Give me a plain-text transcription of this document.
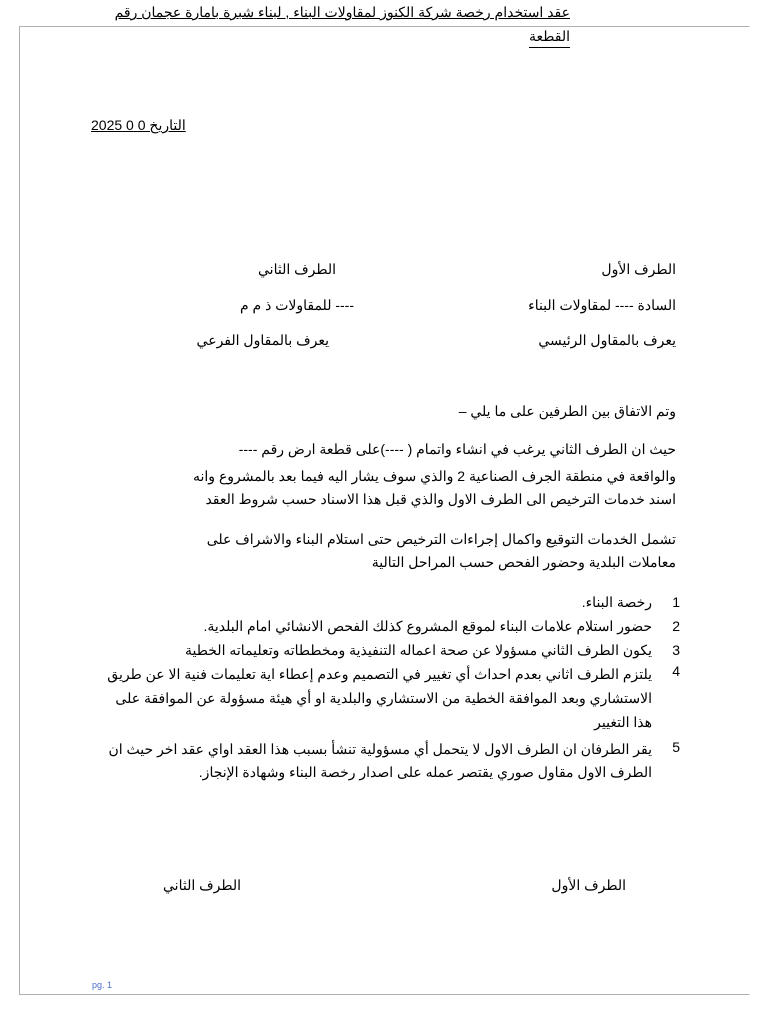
التاريخ 0 0 2025
عقد استخدام رخصة شركة الكنوز لمقاولات البناء , لبناء شبرة بامارة عجمان رقم
القطعة
الطرف الأول
الطرف الثاني
السادة ---- لمقاولات البناء
---- للمقاولات ذ م م
يعرف بالمقاول الرئيسي
يعرف بالمقاول الفرعي
وتم الاتفاق بين الطرفين على ما يلي –
حيث ان الطرف الثاني يرغب في انشاء واتمام ( ----)على قطعة ارض رقم ----
والواقعة في منطقة الجرف الصناعية 2 والذي سوف يشار اليه فيما بعد بالمشروع وانه
اسند خدمات الترخيص الى الطرف الاول والذي قبل هذا الاسناد حسب شروط العقد
تشمل الخدمات التوقيع واكمال إجراءات الترخيص حتى استلام البناء والاشراف على
معاملات البلدية وحضور الفحص حسب المراحل التالية
1
رخصة البناء.
2
حضور استلام علامات البناء لموقع المشروع كذلك الفحص الانشائي امام البلدية.
3
يكون الطرف الثاني مسؤولا عن صحة اعماله التنفيذية ومخططاته وتعليماته الخطية
4
يلتزم الطرف اثاني بعدم احداث أي تغيير في التصميم وعدم إعطاء اية تعليمات فنية الا عن طريق الاستشاري وبعد الموافقة الخطية من الاستشاري والبلدية او أي هيئة مسؤولة عن الموافقة على هذا التغيير
5
يقر الطرفان ان الطرف الاول لا يتحمل أي مسؤولية تنشأ بسبب هذا العقد اواي عقد اخر حيث ان الطرف الاول مقاول صوري يقتصر عمله على اصدار رخصة البناء وشهادة الإنجاز.
الطرف الأول
الطرف الثاني
pg. 1
